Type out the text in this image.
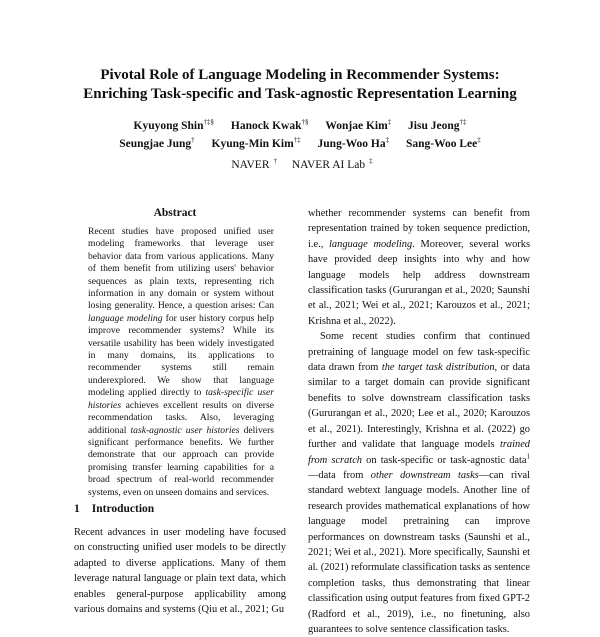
Pivotal Role of Language Modeling in Recommender Systems:
Enriching Task-specific and Task-agnostic Representation Learning
Kyuyong Shin†‡§ Hanock Kwak†§ Wonjae Kim‡ Jisu Jeong†‡
Seungjae Jung† Kyung-Min Kim†‡ Jung-Woo Ha‡ Sang-Woo Lee‡
NAVER † NAVER AI Lab ‡
Abstract
Recent studies have proposed unified user modeling frameworks that leverage user behavior data from various applications. Many of them benefit from utilizing users' behavior sequences as plain texts, representing rich information in any domain or system without losing generality. Hence, a question arises: Can language modeling for user history corpus help improve recommender systems? While its versatile usability has been widely investigated in many domains, its applications to recommender systems still remain underexplored. We show that language modeling applied directly to task-specific user histories achieves excellent results on diverse recommendation tasks. Also, leveraging additional task-agnostic user histories delivers significant performance benefits. We further demonstrate that our approach can provide promising transfer learning capabilities for a broad spectrum of real-world recommender systems, even on unseen domains and services.
1 Introduction
Recent advances in user modeling have focused on constructing unified user models to be directly adapted to diverse applications. Many of them leverage natural language or plain text data, which enables general-purpose applicability among various domains and systems (Qiu et al., 2021; Gu

whether recommender systems can benefit from representation trained by token sequence prediction, i.e., language modeling. Moreover, several works have provided deep insights into why and how language models help address downstream classification tasks (Gururangan et al., 2020; Saunshi et al., 2021; Wei et al., 2021; Karouzos et al., 2021; Krishna et al., 2022).

Some recent studies confirm that continued pretraining of language model on few task-specific data drawn from the target task distribution, or data similar to a target domain can provide significant benefits to solve downstream classification tasks (Gururangan et al., 2020; Lee et al., 2020; Karouzos et al., 2021). Interestingly, Krishna et al. (2022) go further and validate that language models trained from scratch on task-specific or task-agnostic data$^1$—data from other downstream tasks—can rival standard webtext language models. Another line of research provides mathematical explanations of how language model pretraining can improve performances on downstream tasks (Saunshi et al., 2021; Wei et al., 2021). More specifically, Saunshi et al. (2021) reformulate classification tasks as sentence completion tasks, thus demonstrating that linear classification using output features from fixed GPT-2 (Radford et al., 2019), i.e., no finetuning, also guarantees to solve sentence classification tasks.
